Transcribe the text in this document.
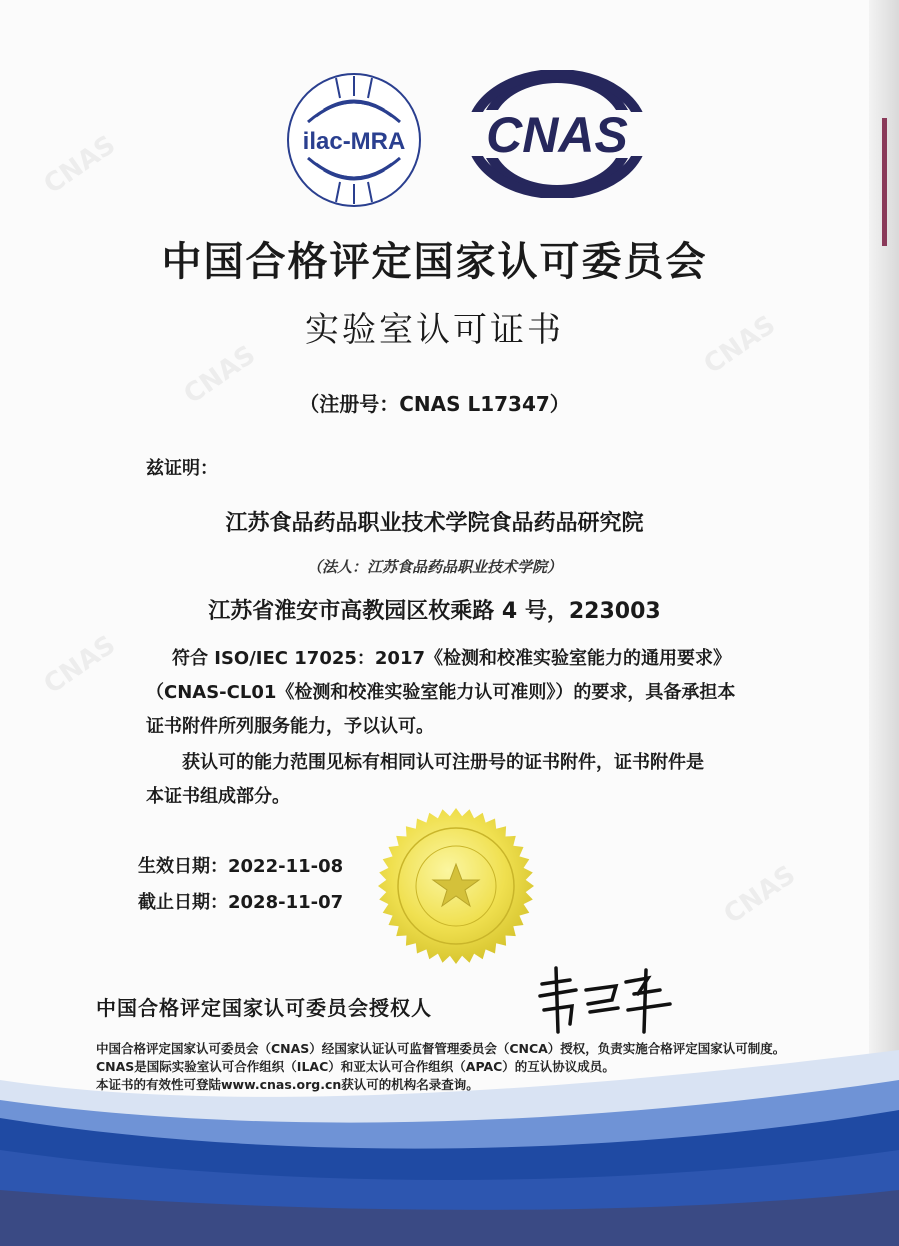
CNAS
CNAS	CNAS
CNAS
CNAS
ilac-MRA CNAS
中国合格评定国家认可委员会
实验室认可证书
（注册号：CNAS L17347）
兹证明：
江苏食品药品职业技术学院食品药品研究院
（法人：江苏食品药品职业技术学院）
江苏省淮安市高教园区枚乘路 4 号，223003
符合 ISO/IEC 17025：2017《检测和校准实验室能力的通用要求》
（CNAS-CL01《检测和校准实验室能力认可准则》）的要求，具备承担本
证书附件所列服务能力，予以认可。
获认可的能力范围见标有相同认可注册号的证书附件，证书附件是
本证书组成部分。
生效日期：2022-11-08
截止日期：2028-11-07
中国合格评定国家认可委员会授权人
中国合格评定国家认可委员会（CNAS）经国家认证认可监督管理委员会（CNCA）授权，负责实施合格评定国家认可制度。
CNAS是国际实验室认可合作组织（ILAC）和亚太认可合作组织（APAC）的互认协议成员。
本证书的有效性可登陆www.cnas.org.cn获认可的机构名录查询。
